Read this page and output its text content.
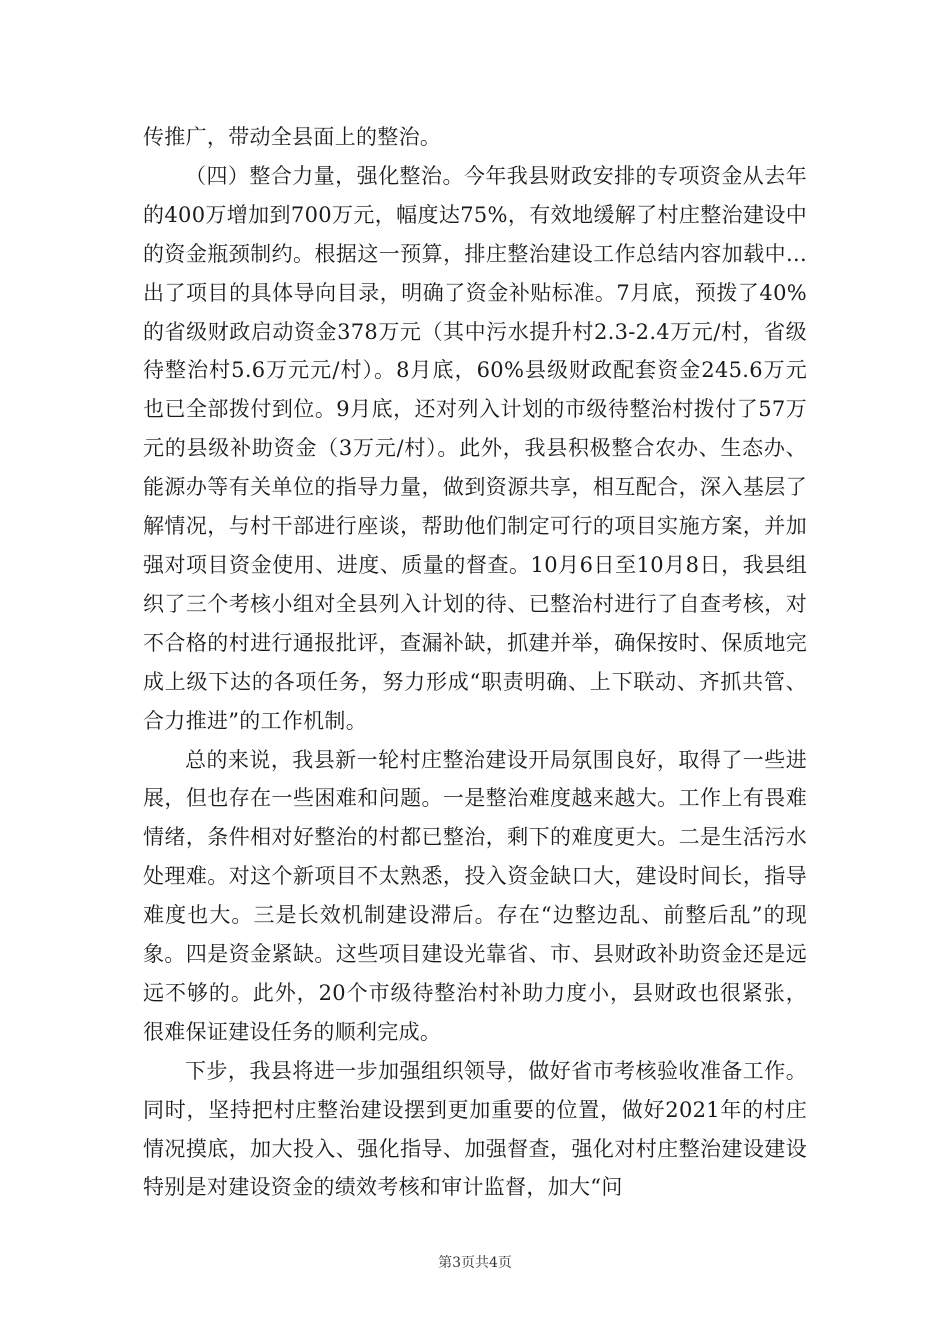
传推广，带动全县面上的整治。

（四）整合力量，强化整治。今年我县财政安排的专项资金从去年的400万增加到700万元，幅度达75%，有效地缓解了村庄整治建设中的资金瓶颈制约。根据这一预算，排庄整治建设工作总结内容加载中...出了项目的具体导向目录，明确了资金补贴标准。7月底，预拨了40%的省级财政启动资金378万元（其中污水提升村2.3-2.4万元/村，省级待整治村5.6万元元/村）。8月底，60%县级财政配套资金245.6万元也已全部拨付到位。9月底，还对列入计划的市级待整治村拨付了57万元的县级补助资金（3万元/村）。此外，我县积极整合农办、生态办、能源办等有关单位的指导力量，做到资源共享，相互配合，深入基层了解情况，与村干部进行座谈，帮助他们制定可行的项目实施方案，并加强对项目资金使用、进度、质量的督查。10月6日至10月8日，我县组织了三个考核小组对全县列入计划的待、已整治村进行了自查考核，对不合格的村进行通报批评，查漏补缺，抓建并举，确保按时、保质地完成上级下达的各项任务，努力形成“职责明确、上下联动、齐抓共管、合力推进”的工作机制。

总的来说，我县新一轮村庄整治建设开局氛围良好，取得了一些进展，但也存在一些困难和问题。一是整治难度越来越大。工作上有畏难情绪，条件相对好整治的村都已整治，剩下的难度更大。二是生活污水处理难。对这个新项目不太熟悉，投入资金缺口大，建设时间长，指导难度也大。三是长效机制建设滞后。存在“边整边乱、前整后乱”的现象。四是资金紧缺。这些项目建设光靠省、市、县财政补助资金还是远远不够的。此外，20个市级待整治村补助力度小，县财政也很紧张，很难保证建设任务的顺利完成。

下步，我县将进一步加强组织领导，做好省市考核验收准备工作。同时，坚持把村庄整治建设摆到更加重要的位置，做好2021年的村庄情况摸底，加大投入、强化指导、加强督查，强化对村庄整治建设建设特别是对建设资金的绩效考核和审计监督，加大“问

第3页共4页
